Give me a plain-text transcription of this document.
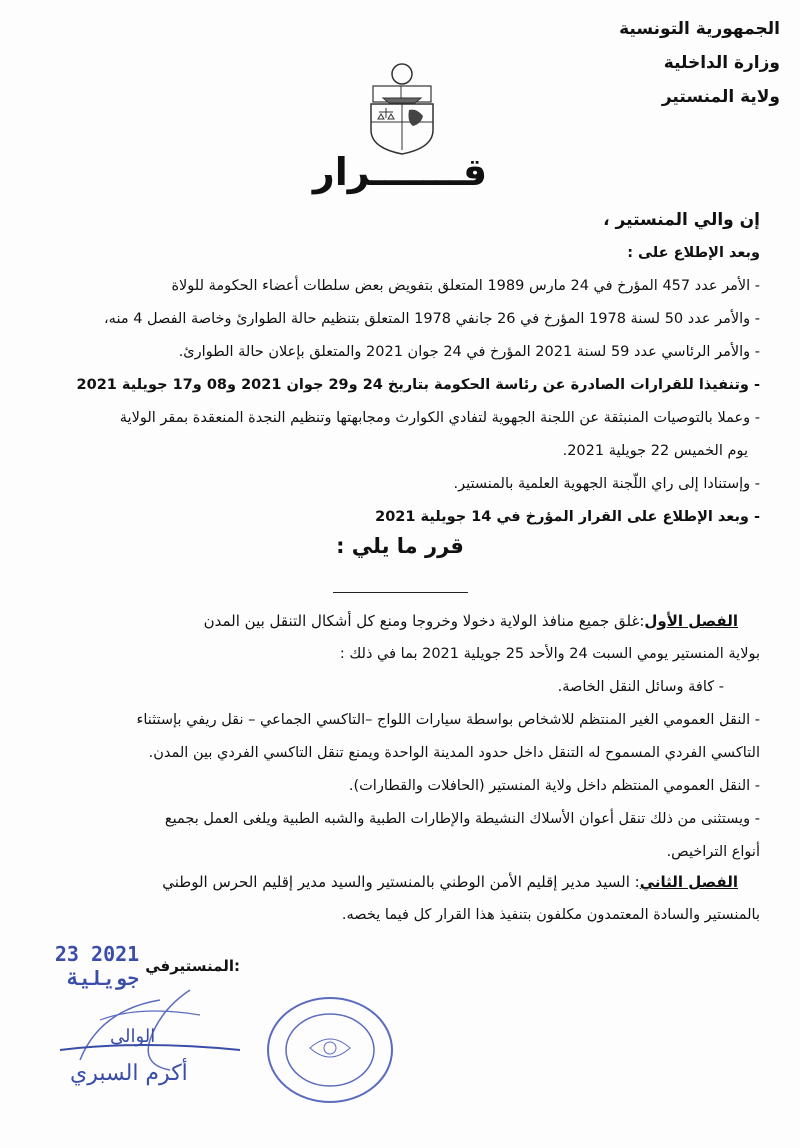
الجمهورية التونسية
وزارة الداخلية
ولاية المنستير
قـــــــرار
إن والي المنستير ،
وبعد الإطلاع على :
- الأمر عدد 457 المؤرخ في 24 مارس 1989 المتعلق بتفويض بعض سلطات أعضاء الحكومة للولاة
- والأمر عدد 50 لسنة 1978 المؤرخ في 26 جانفي 1978 المتعلق بتنظيم حالة الطوارئ وخاصة الفصل 4 منه،
- والأمر الرئاسي عدد 59 لسنة 2021 المؤرخ في 24 جوان 2021 والمتعلق بإعلان حالة الطوارئ.
- وتنفيذا للقرارات الصادرة عن رئاسة الحكومة بتاريخ 24 و29 جوان 2021 و08 و17 جويلية 2021
- وعملا بالتوصيات المنبثقة عن اللجنة الجهوية لتفادي الكوارث ومجابهتها وتنظيم النجدة المنعقدة بمقر الولاية
يوم الخميس 22 جويلية 2021.
- وإستنادا إلى راي اللّجنة الجهوية العلمية بالمنستير.
- وبعد الإطلاع على القرار المؤرخ في 14 جويلية 2021
قرر ما يلي :
الفصل الأول:غلق جميع منافذ الولاية دخولا وخروجا ومنع كل أشكال التنقل بين المدن
بولاية المنستير يومي السبت 24 والأحد 25 جويلية 2021 بما في ذلك :
- كافة وسائل النقل الخاصة.
- النقل العمومي الغير المنتظم للاشخاص بواسطة سيارات اللواج –التاكسي الجماعي – نقل ريفي بإستثناء
التاكسي الفردي المسموح له التنقل داخل حدود المدينة الواحدة ويمنع تنقل التاكسي الفردي بين المدن.
- النقل العمومي المنتظم داخل ولاية المنستير (الحافلات والقطارات).
- ويستثنى من ذلك تنقل أعوان الأسلاك النشيطة والإطارات الطبية والشبه الطبية ويلغى العمل بجميع
أنواع التراخيص.
الفصل الثاني: السيد مدير إقليم الأمن الوطني بالمنستير والسيد مدير إقليم الحرس الوطني
بالمنستير والسادة المعتمدون مكلفون بتنفيذ هذا القرار كل فيما يخصه.
المنستيرفي:
2021 23 جويلية
الوالي
أكرم السبري
